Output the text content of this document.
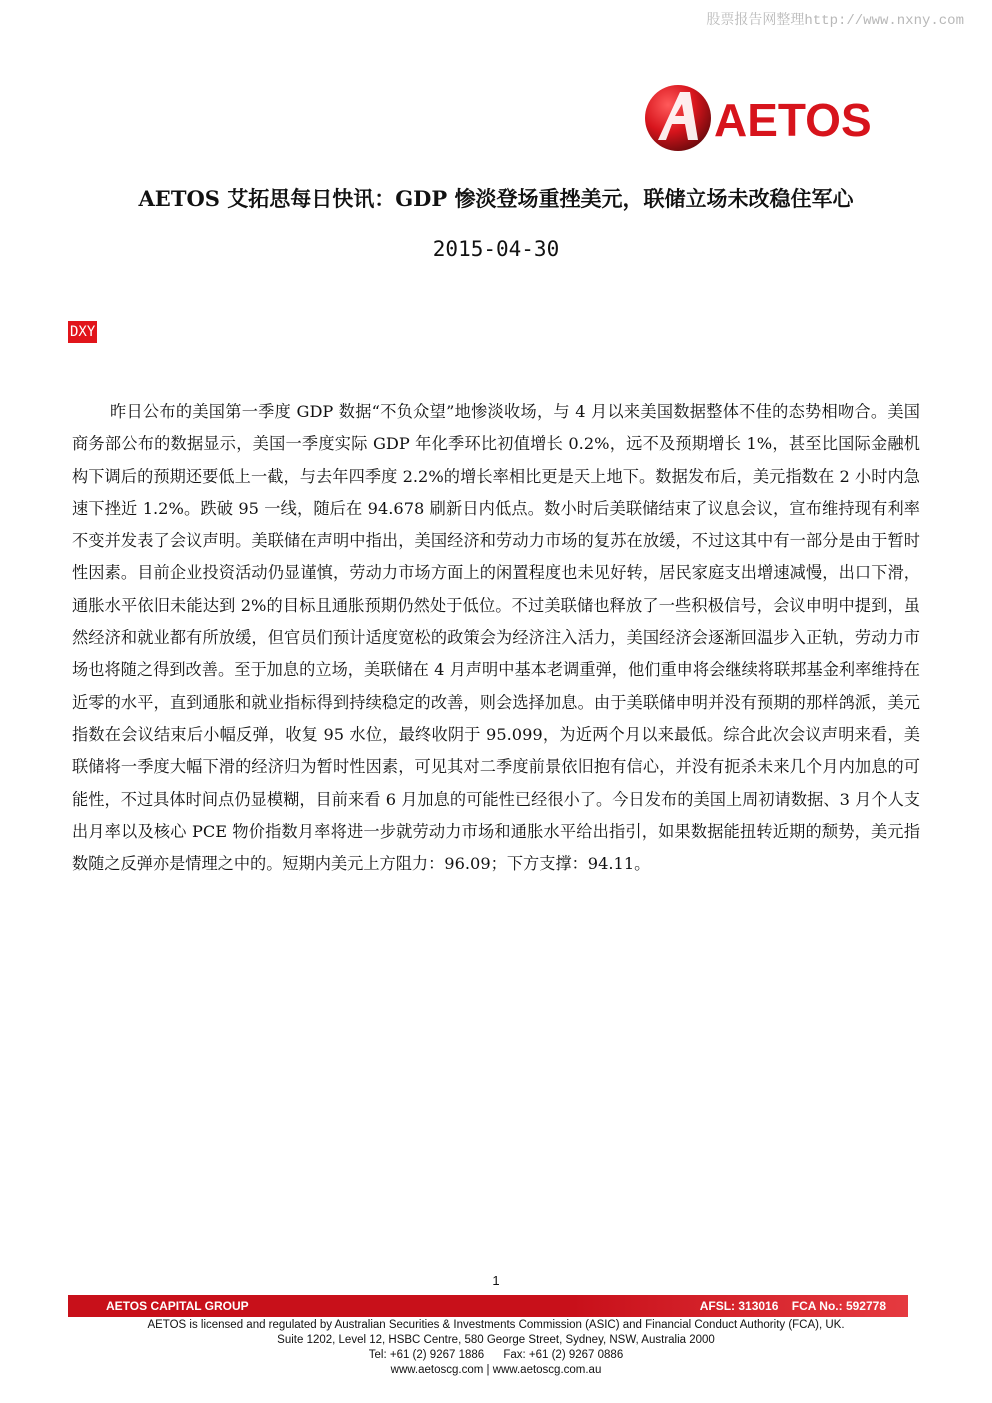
股票报告网整理http://www.nxny.com
AETOS
AETOS 艾拓思每日快讯：GDP 惨淡登场重挫美元，联储立场未改稳住军心
2015-04-30
DXY

昨日公布的美国第一季度 GDP 数据“不负众望”地惨淡收场，与 4 月以来美国数据整体不佳的态势相吻合。美国商务部公布的数据显示，美国一季度实际 GDP 年化季环比初值增长 0.2%，远不及预期增长 1%，甚至比国际金融机构下调后的预期还要低上一截，与去年四季度 2.2%的增长率相比更是天上地下。数据发布后，美元指数在 2 小时内急速下挫近 1.2%。跌破 95 一线，随后在 94.678 刷新日内低点。数小时后美联储结束了议息会议，宣布维持现有利率不变并发表了会议声明。美联储在声明中指出，美国经济和劳动力市场的复苏在放缓，不过这其中有一部分是由于暂时性因素。目前企业投资活动仍显谨慎，劳动力市场方面上的闲置程度也未见好转，居民家庭支出增速减慢，出口下滑，通胀水平依旧未能达到 2%的目标且通胀预期仍然处于低位。不过美联储也释放了一些积极信号，会议申明中提到，虽然经济和就业都有所放缓，但官员们预计适度宽松的政策会为经济注入活力，美国经济会逐渐回温步入正轨，劳动力市场也将随之得到改善。至于加息的立场，美联储在 4 月声明中基本老调重弹，他们重申将会继续将联邦基金利率维持在近零的水平，直到通胀和就业指标得到持续稳定的改善，则会选择加息。由于美联储申明并没有预期的那样鸽派，美元指数在会议结束后小幅反弹，收复 95 水位，最终收阴于 95.099，为近两个月以来最低。综合此次会议声明来看，美联储将一季度大幅下滑的经济归为暂时性因素，可见其对二季度前景依旧抱有信心，并没有扼杀未来几个月内加息的可能性，不过具体时间点仍显模糊，目前来看 6 月加息的可能性已经很小了。今日发布的美国上周初请数据、3 月个人支出月率以及核心 PCE 物价指数月率将进一步就劳动力市场和通胀水平给出指引，如果数据能扭转近期的颓势，美元指数随之反弹亦是情理之中的。短期内美元上方阻力：96.09；下方支撑：94.11。

1
AETOS CAPITAL GROUP	AFSL: 313016    FCA No.: 592778
AETOS is licensed and regulated by Australian Securities & Investments Commission (ASIC) and Financial Conduct Authority (FCA), UK.
Suite 1202, Level 12, HSBC Centre, 580 George Street, Sydney, NSW, Australia 2000
Tel: +61 (2) 9267 1886      Fax: +61 (2) 9267 0886
www.aetoscg.com | www.aetoscg.com.au
